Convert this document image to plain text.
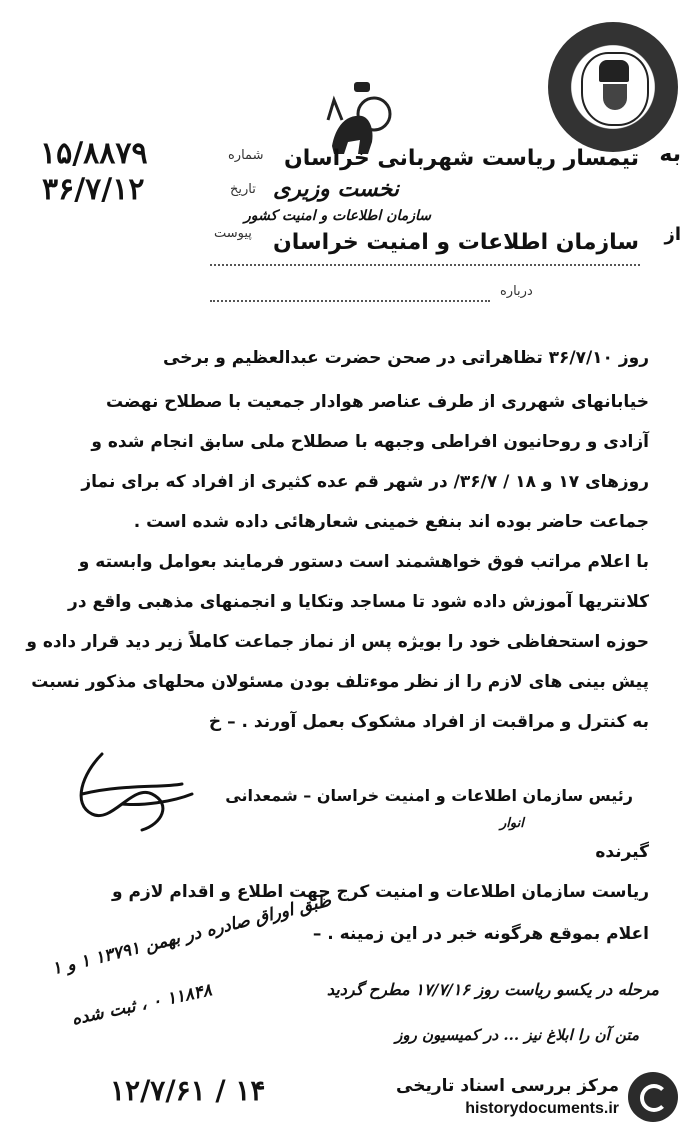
به
تیمسار ریاست شهربانی خراسان
نخست وزیری
سازمان اطلاعات و امنیت کشور
از
سازمان اطلاعات و امنیت خراسان
شماره
۱۵/۸۸۷۹
تاریخ
۳۶/۷/۱۲
پیوست
درباره
روز ۳۶/۷/۱۰ تظاهراتی در صحن حضرت عبدالعظیم و برخی
خیابانهای شهرری از طرف عناصر هوادار جمعیت با صطلاح نهضت
آزادی و روحانیون افراطی وجبهه با صطلاح ملی سابق انجام شده و
روزهای ۱۷ و ۱۸ / ۳۶/۷/ در شهر قم عده کثیری از افراد که برای نماز
جماعت حاضر بوده اند بنفع خمینی شعارهائی داده شده است .
با اعلام مراتب فوق خواهشمند است دستور فرمایند بعوامل وابسته و
کلانتریها آموزش داده شود تا مساجد وتکایا و انجمنهای مذهبی واقع در
حوزه استحفاظی خود را بویژه پس از نماز جماعت کاملاً زیر دید قرار داده و
پیش بینی های لازم را از نظر موءتلف بودن مسئولان محلهای مذکور نسبت
به کنترل و مراقبت از افراد مشکوک بعمل آورند . – خ
رئیس سازمان اطلاعات و امنیت خراسان – شمعدانی
انوار
گیرنده
ریاست سازمان اطلاعات و امنیت کرج جهت اطلاع و اقدام لازم و
اعلام بموقع هرگونه خبر در این زمینه . –
طبق اوراق صادره در بهمن ۱۳۷۹۱ ۱ و ۱
۱۱۸۴۸ ۰ ، ثبت شده	مرحله در یکسو ریاست روز ۱۷/۷/۱۶ مطرح گردید
متن آن را ابلاغ نیز ... در کمیسیون روز
۱۲/۷/۶۱ / ۱۴	مرکز بررسی اسناد تاریخی
historydocuments.ir
